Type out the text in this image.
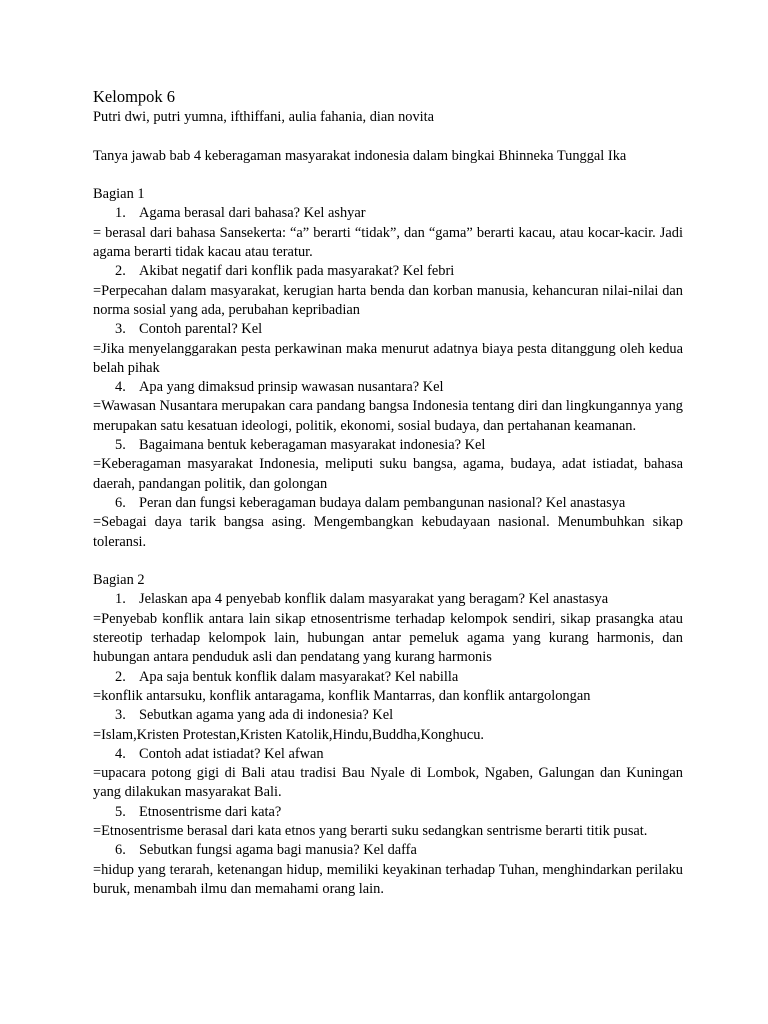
Kelompok 6

Putri dwi, putri yumna, ifthiffani, aulia fahania, dian novita

Tanya jawab bab 4 keberagaman masyarakat indonesia dalam bingkai Bhinneka Tunggal Ika

Bagian 1

1. Agama berasal dari bahasa? Kel ashyar

= berasal dari bahasa Sansekerta: “a” berarti “tidak”, dan “gama” berarti kacau, atau kocar-kacir. Jadi agama berarti tidak kacau atau teratur.

2. Akibat negatif dari konflik pada masyarakat? Kel febri

=Perpecahan dalam masyarakat, kerugian harta benda dan korban manusia, kehancuran nilai-nilai dan norma sosial yang ada, perubahan kepribadian

3. Contoh parental? Kel

=Jika menyelanggarakan pesta perkawinan maka menurut adatnya biaya pesta ditanggung oleh kedua belah pihak

4. Apa yang dimaksud prinsip wawasan nusantara? Kel

=Wawasan Nusantara merupakan cara pandang bangsa Indonesia tentang diri dan lingkungannya yang merupakan satu kesatuan ideologi, politik, ekonomi, sosial budaya, dan pertahanan keamanan.

5. Bagaimana bentuk keberagaman masyarakat indonesia? Kel

=Keberagaman masyarakat Indonesia, meliputi suku bangsa, agama, budaya, adat istiadat, bahasa daerah, pandangan politik, dan golongan

6. Peran dan fungsi keberagaman budaya dalam pembangunan nasional? Kel anastasya

=Sebagai daya tarik bangsa asing. Mengembangkan kebudayaan nasional. Menumbuhkan sikap toleransi.

Bagian 2

1. Jelaskan apa 4 penyebab konflik dalam masyarakat yang beragam? Kel anastasya

=Penyebab konflik antara lain sikap etnosentrisme terhadap kelompok sendiri, sikap prasangka atau stereotip terhadap kelompok lain, hubungan antar pemeluk agama yang kurang harmonis, dan hubungan antara penduduk asli dan pendatang yang kurang harmonis

2. Apa saja bentuk konflik dalam masyarakat? Kel nabilla

=konflik antarsuku, konflik antaragama, konflik Mantarras, dan konflik antargolongan

3. Sebutkan agama yang ada di indonesia? Kel

=Islam,Kristen Protestan,Kristen Katolik,Hindu,Buddha,Konghucu.

4. Contoh adat istiadat? Kel afwan

=upacara potong gigi di Bali atau tradisi Bau Nyale di Lombok, Ngaben, Galungan dan Kuningan yang dilakukan masyarakat Bali.

5. Etnosentrisme dari kata?

=Etnosentrisme berasal dari kata etnos yang berarti suku sedangkan sentrisme berarti titik pusat.

6. Sebutkan fungsi agama bagi manusia? Kel daffa

=hidup yang terarah, ketenangan hidup, memiliki keyakinan terhadap Tuhan, menghindarkan perilaku buruk, menambah ilmu dan memahami orang lain.
